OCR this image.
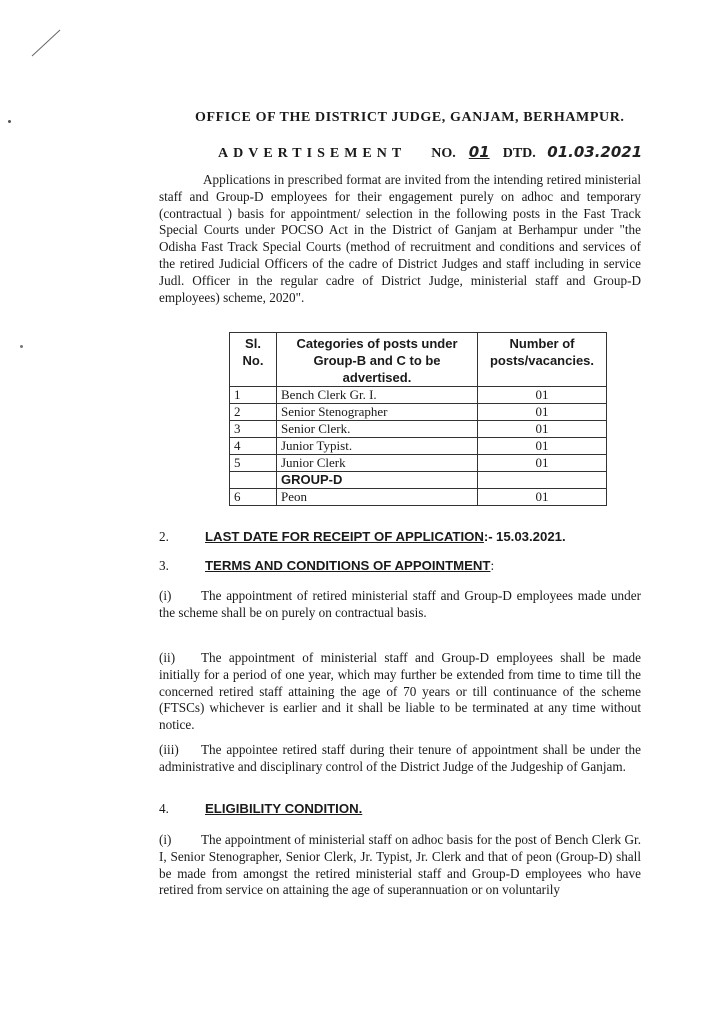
OFFICE OF THE DISTRICT JUDGE, GANJAM, BERHAMPUR.
ADVERTISEMENT NO. 01 DTD. 01.03.2021
Applications in prescribed format are invited from the intending retired ministerial staff and Group-D employees for their engagement purely on adhoc and temporary (contractual ) basis for appointment/ selection in the following posts in the Fast Track Special Courts under POCSO Act in the District of Ganjam at Berhampur under "the Odisha Fast Track Special Courts (method of recruitment and conditions and services of the retired Judicial Officers of the cadre of District Judges and staff including in service Judl. Officer in the regular cadre of District Judge, ministerial staff and Group-D employees) scheme, 2020".
Sl. No.	Categories of posts under Group-B and C to be advertised.	Number of posts/vacancies.
1	Bench Clerk Gr. I.	01
2	Senior Stenographer	01
3	Senior Clerk.	01
4	Junior Typist.	01
5	Junior Clerk	01
	GROUP-D	
6	Peon	01
2.	LAST DATE FOR RECEIPT OF APPLICATION:- 15.03.2021.
3.	TERMS AND CONDITIONS OF APPOINTMENT:
(i) The appointment of retired ministerial staff and Group-D employees made under the scheme shall be on purely on contractual basis.
(ii) The appointment of ministerial staff and Group-D employees shall be made initially for a period of one year, which may further be extended from time to time till the concerned retired staff attaining the age of 70 years or till continuance of the scheme (FTSCs) whichever is earlier and it shall be liable to be terminated at any time without notice.
(iii) The appointee retired staff during their tenure of appointment shall be under the administrative and disciplinary control of the District Judge of the Judgeship of Ganjam.
4.	ELIGIBILITY CONDITION.
(i) The appointment of ministerial staff on adhoc basis for the post of Bench Clerk Gr. I, Senior Stenographer, Senior Clerk, Jr. Typist, Jr. Clerk and that of peon (Group-D) shall be made from amongst the retired ministerial staff and Group-D employees who have retired from service on attaining the age of superannuation or on voluntarily
